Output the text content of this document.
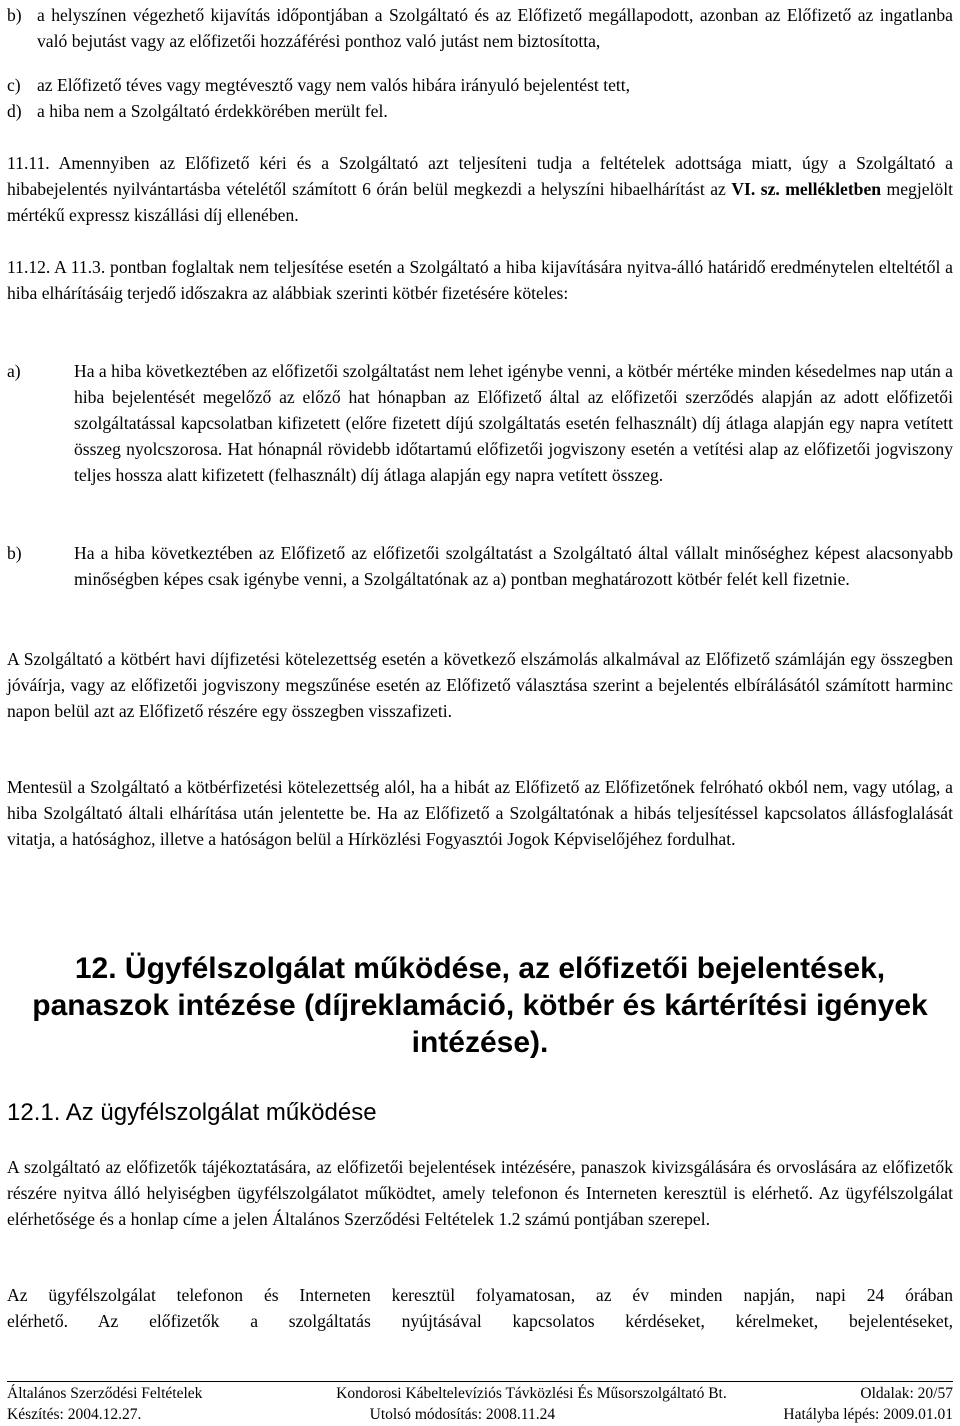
b) a helyszínen végezhető kijavítás időpontjában a Szolgáltató és az Előfizető megállapodott, azonban az Előfizető az ingatlanba való bejutást vagy az előfizetői hozzáférési ponthoz való jutást nem biztosította,
c) az Előfizető téves vagy megtévesztő vagy nem valós hibára irányuló bejelentést tett,
d) a hiba nem a Szolgáltató érdekkörében merült fel.
11.11. Amennyiben az Előfizető kéri és a Szolgáltató azt teljesíteni tudja a feltételek adottsága miatt, úgy a Szolgáltató a hibabejelentés nyilvántartásba vételétől számított 6 órán belül megkezdi a helyszíni hibaelhárítást az VI. sz. mellékletben megjelölt mértékű expressz kiszállási díj ellenében.
11.12. A 11.3. pontban foglaltak nem teljesítése esetén a Szolgáltató a hiba kijavítására nyitva-álló határidő eredménytelen elteltétől a hiba elhárításáig terjedő időszakra az alábbiak szerinti kötbér fizetésére köteles:
a)	Ha a hiba következtében az előfizetői szolgáltatást nem lehet igénybe venni, a kötbér mértéke minden késedelmes nap után a hiba bejelentését megelőző az előző hat hónapban az Előfizető által az előfizetői szerződés alapján az adott előfizetői szolgáltatással kapcsolatban kifizetett (előre fizetett díjú szolgáltatás esetén felhasznált) díj átlaga alapján egy napra vetített összeg nyolcszorosa. Hat hónapnál rövidebb időtartamú előfizetői jogviszony esetén a vetítési alap az előfizetői jogviszony teljes hossza alatt kifizetett (felhasznált) díj átlaga alapján egy napra vetített összeg.
b)	Ha a hiba következtében az Előfizető az előfizetői szolgáltatást a Szolgáltató által vállalt minőséghez képest alacsonyabb minőségben képes csak igénybe venni, a Szolgáltatónak az a) pontban meghatározott kötbér felét kell fizetnie.
A Szolgáltató a kötbért havi díjfizetési kötelezettség esetén a következő elszámolás alkalmával az Előfizető számláján egy összegben jóváírja, vagy az előfizetői jogviszony megszűnése esetén az Előfizető választása szerint a bejelentés elbírálásától számított harminc napon belül azt az Előfizető részére egy összegben visszafizeti.
Mentesül a Szolgáltató a kötbérfizetési kötelezettség alól, ha a hibát az Előfizető az Előfizetőnek felróható okból nem, vagy utólag, a hiba Szolgáltató általi elhárítása után jelentette be. Ha az Előfizető a Szolgáltatónak a hibás teljesítéssel kapcsolatos állásfoglalását vitatja, a hatósághoz, illetve a hatóságon belül a Hírközlési Fogyasztói Jogok Képviselőjéhez fordulhat.
12. Ügyfélszolgálat működése, az előfizetői bejelentések,
panaszok intézése (díjreklamáció, kötbér és kártérítési igények
intézése).
12.1. Az ügyfélszolgálat működése
A szolgáltató az előfizetők tájékoztatására, az előfizetői bejelentések intézésére, panaszok kivizsgálására és orvoslására az előfizetők részére nyitva álló helyiségben ügyfélszolgálatot működtet, amely telefonon és Interneten keresztül is elérhető. Az ügyfélszolgálat elérhetősége és a honlap címe a jelen Általános Szerződési Feltételek 1.2 számú pontjában szerepel.
Az ügyfélszolgálat telefonon és Interneten keresztül folyamatosan, az év minden napján, napi 24 órában
elérhető. Az előfizetők a szolgáltatás nyújtásával kapcsolatos kérdéseket, kérelmeket, bejelentéseket,
Általános Szerződési Feltételek	Kondorosi Kábeltelevíziós Távközlési És Műsorszolgáltató Bt.	Oldalak: 20/57
Készítés: 2004.12.27.	Utolsó módosítás: 2008.11.24	Hatályba lépés: 2009.01.01
